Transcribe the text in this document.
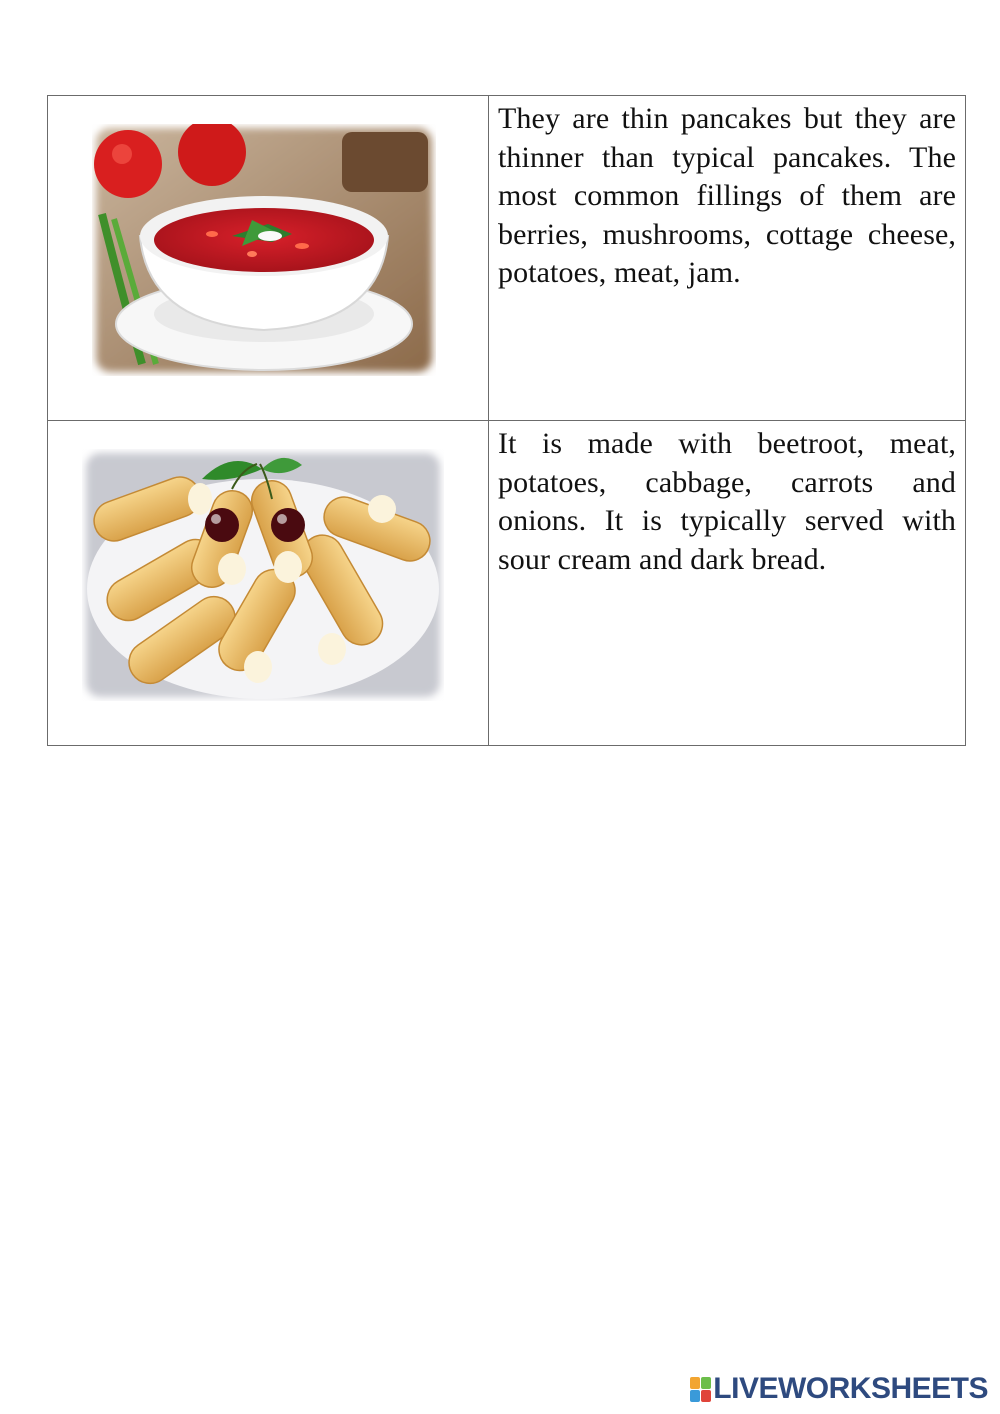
They are thin pancakes but they are thinner than typical pancakes. The most common fillings of them are berries, mushrooms, cottage cheese, potatoes, meat, jam.

It is made with beetroot, meat, potatoes, cabbage, carrots and onions. It is typically served with sour cream and dark bread.

LIVEWORKSHEETS
